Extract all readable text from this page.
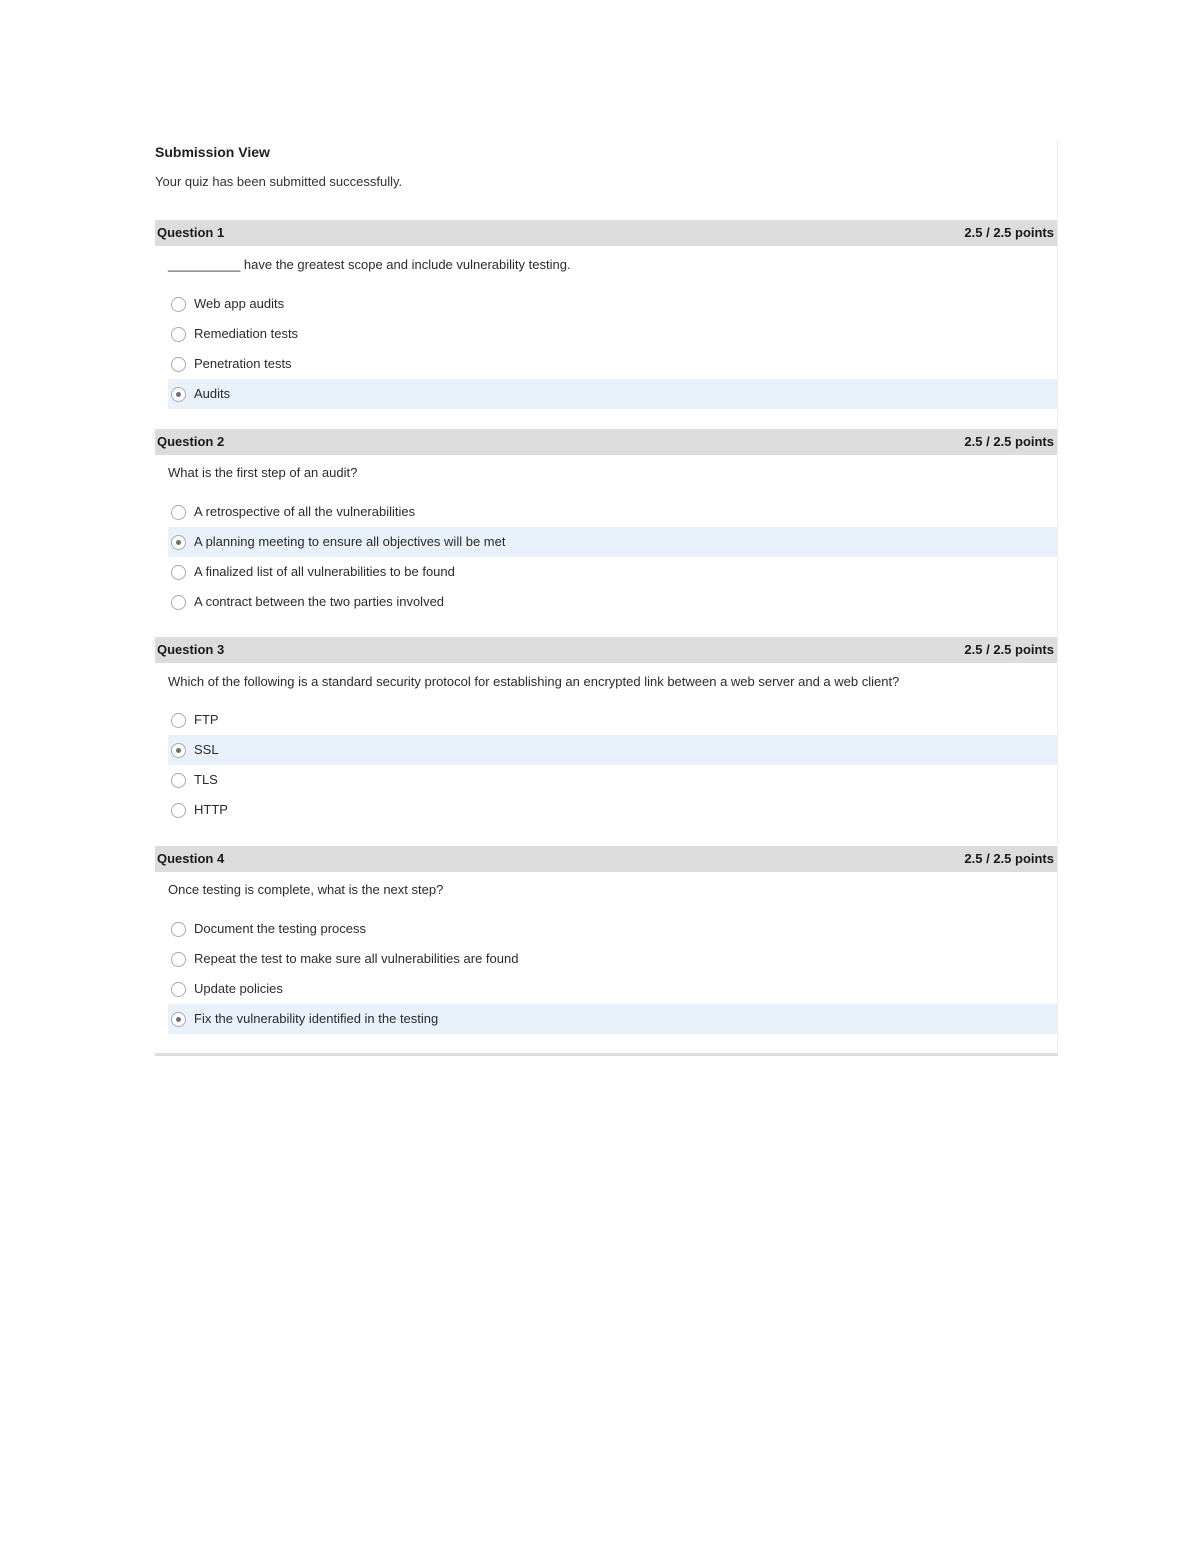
Submission View
Your quiz has been submitted successfully.
Question 1	2.5 / 2.5 points
__________ have the greatest scope and include vulnerability testing.
Web app audits
Remediation tests
Penetration tests
Audits
Question 2	2.5 / 2.5 points
What is the first step of an audit?
A retrospective of all the vulnerabilities
A planning meeting to ensure all objectives will be met
A finalized list of all vulnerabilities to be found
A contract between the two parties involved
Question 3	2.5 / 2.5 points
Which of the following is a standard security protocol for establishing an encrypted link between a web server and a web client?
FTP
SSL
TLS
HTTP
Question 4	2.5 / 2.5 points
Once testing is complete, what is the next step?
Document the testing process
Repeat the test to make sure all vulnerabilities are found
Update policies
Fix the vulnerability identified in the testing
